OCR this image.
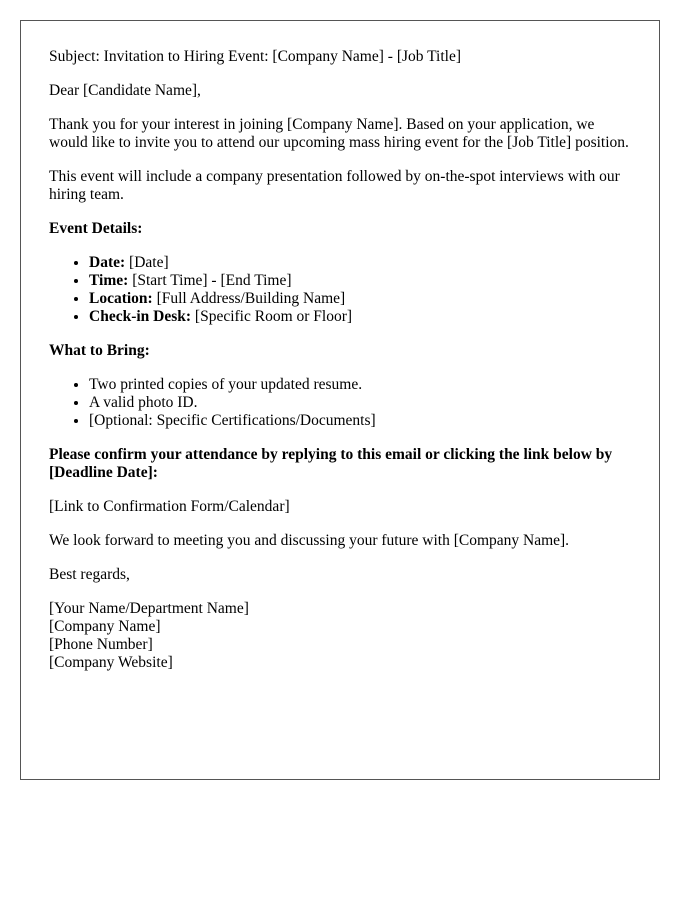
Subject: Invitation to Hiring Event: [Company Name] - [Job Title]

Dear [Candidate Name],

Thank you for your interest in joining [Company Name]. Based on your application, we would like to invite you to attend our upcoming mass hiring event for the [Job Title] position.

This event will include a company presentation followed by on-the-spot interviews with our hiring team.

Event Details:
• Date: [Date]
• Time: [Start Time] - [End Time]
• Location: [Full Address/Building Name]
• Check-in Desk: [Specific Room or Floor]
What to Bring:
• Two printed copies of your updated resume.
• A valid photo ID.
• [Optional: Specific Certifications/Documents]

Please confirm your attendance by replying to this email or clicking the link below by [Deadline Date]:

[Link to Confirmation Form/Calendar]

We look forward to meeting you and discussing your future with [Company Name].

Best regards,

[Your Name/Department Name]
[Company Name]
[Phone Number]
[Company Website]
